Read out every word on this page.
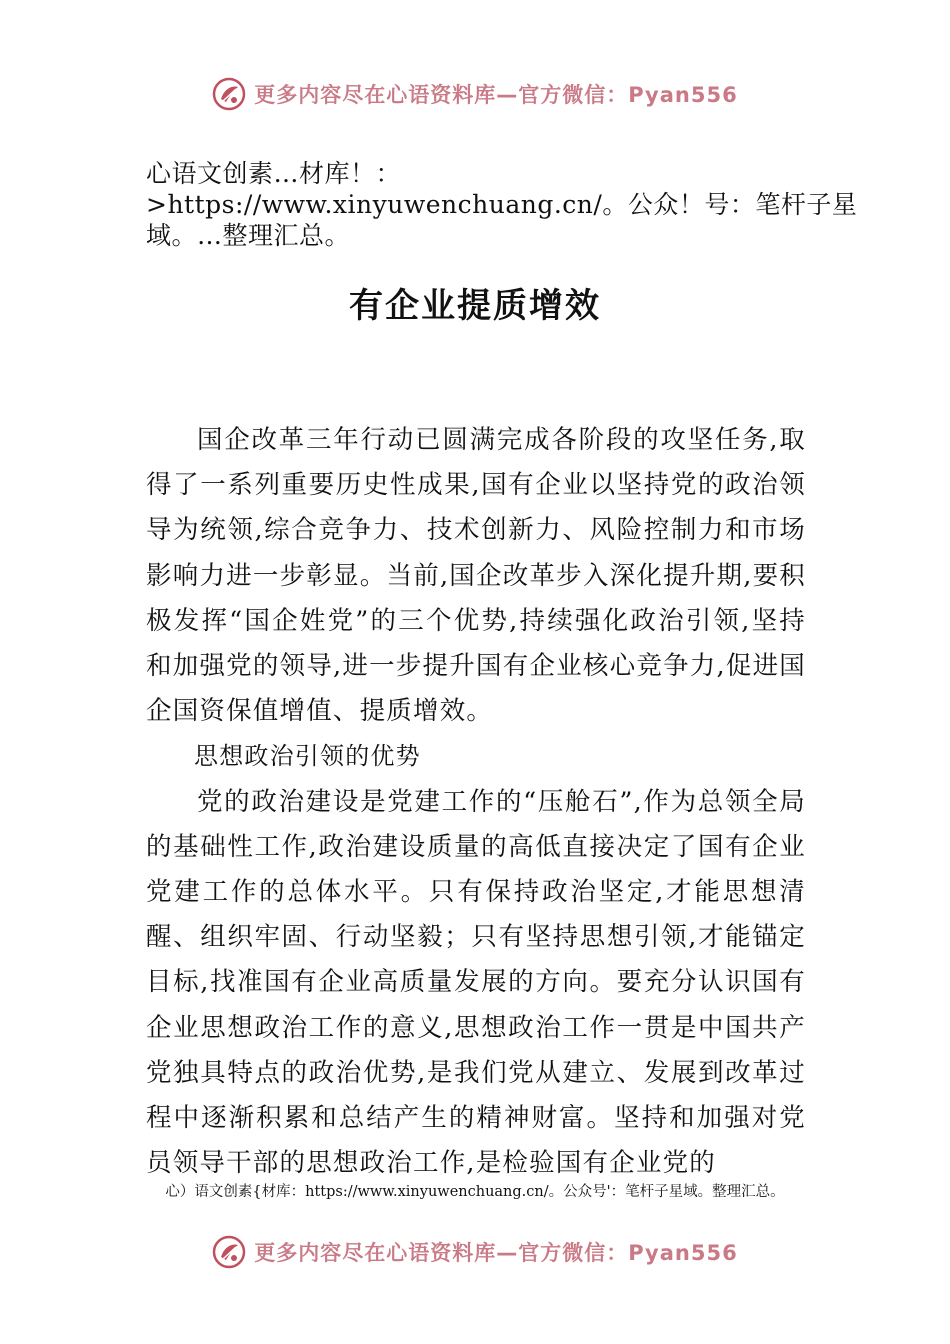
更多内容尽在心语资料库—官方微信：Pyan556
心语文创素…材库！：>https://www.xinyuwenchuang.cn/。公众！号：笔杆子星域。…整理汇总。
有企业提质增效

国企改革三年行动已圆满完成各阶段的攻坚任务,取得了一系列重要历史性成果,国有企业以坚持党的政治领导为统领,综合竞争力、技术创新力、风险控制力和市场影响力进一步彰显。当前,国企改革步入深化提升期,要积极发挥“国企姓党”的三个优势,持续强化政治引领,坚持和加强党的领导,进一步提升国有企业核心竞争力,促进国企国资保值增值、提质增效。

思想政治引领的优势

党的政治建设是党建工作的“压舱石”,作为总领全局的基础性工作,政治建设质量的高低直接决定了国有企业党建工作的总体水平。只有保持政治坚定,才能思想清醒、组织牢固、行动坚毅；只有坚持思想引领,才能锚定目标,找准国有企业高质量发展的方向。要充分认识国有企业思想政治工作的意义,思想政治工作一贯是中国共产党独具特点的政治优势,是我们党从建立、发展到改革过程中逐渐积累和总结产生的精神财富。坚持和加强对党员领导干部的思想政治工作,是检验国有企业党的

心）语文创素{材库：https://www.xinyuwenchuang.cn/。公众号'：笔杆子星域。整理汇总。
更多内容尽在心语资料库—官方微信：Pyan556
